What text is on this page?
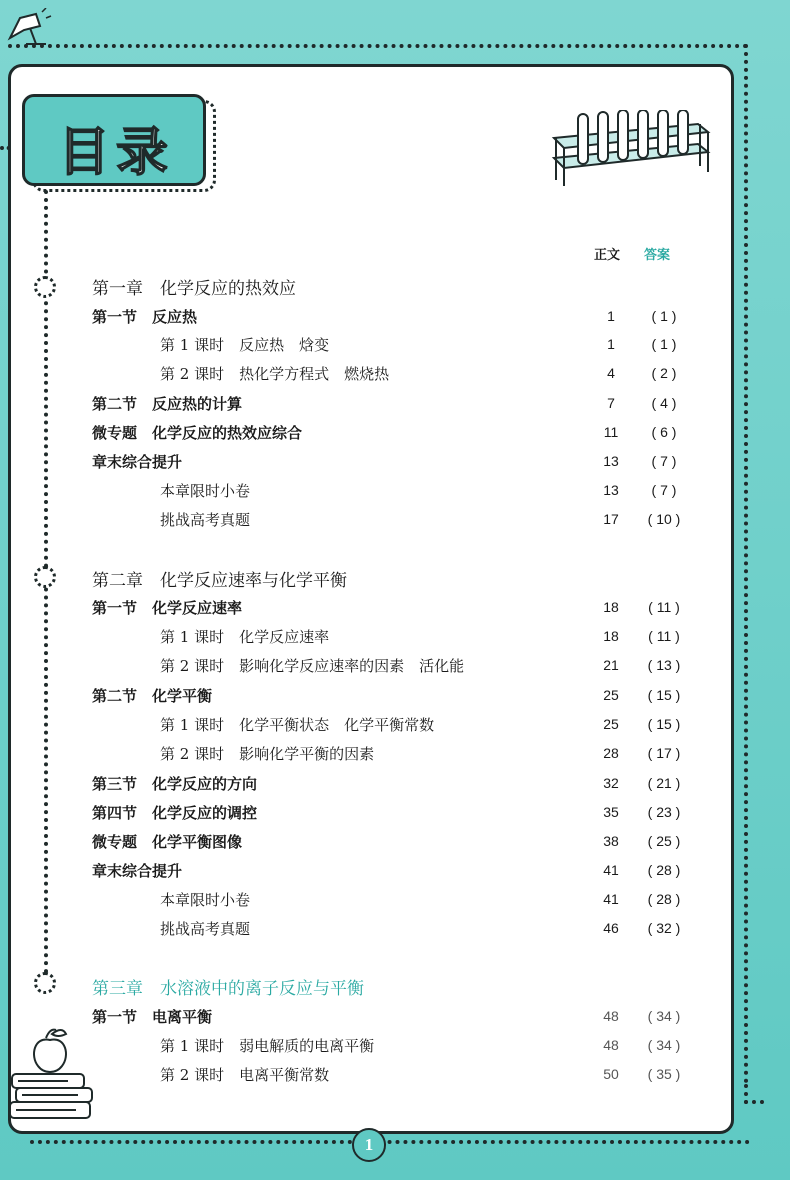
目录
正文 答案
第一章　化学反应的热效应
第一节　反应热	1	( 1 )
第 1 课时　反应热　焓变	1	( 1 )
第 2 课时　热化学方程式　燃烧热	4	( 2 )
第二节　反应热的计算	7	( 4 )
微专题　化学反应的热效应综合	11	( 6 )
章末综合提升	13	( 7 )
本章限时小卷	13	( 7 )
挑战高考真题	17	( 10 )
第二章　化学反应速率与化学平衡
第一节　化学反应速率	18	( 11 )
第 1 课时　化学反应速率	18	( 11 )
第 2 课时　影响化学反应速率的因素　活化能	21	( 13 )
第二节　化学平衡	25	( 15 )
第 1 课时　化学平衡状态　化学平衡常数	25	( 15 )
第 2 课时　影响化学平衡的因素	28	( 17 )
第三节　化学反应的方向	32	( 21 )
第四节　化学反应的调控	35	( 23 )
微专题　化学平衡图像	38	( 25 )
章末综合提升	41	( 28 )
本章限时小卷	41	( 28 )
挑战高考真题	46	( 32 )
第三章　水溶液中的离子反应与平衡
第一节　电离平衡	48	( 34 )
第 1 课时　弱电解质的电离平衡	48	( 34 )
第 2 课时　电离平衡常数	50	( 35 )
1
